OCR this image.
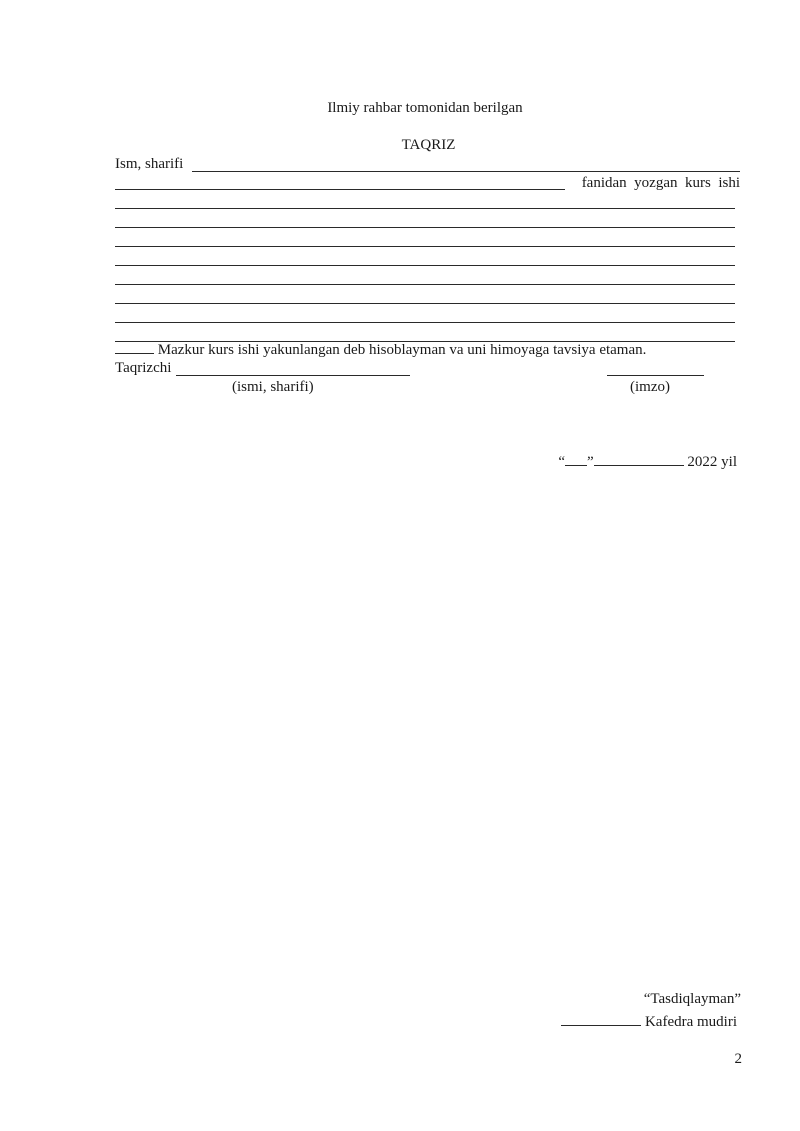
Ilmiy rahbar tomonidan berilgan
TAQRIZ
Ism, sharifi
fanidan  yozgan  kurs  ishi
Mazkur kurs ishi yakunlangan deb hisoblayman va uni himoyaga tavsiya etaman.
Taqrizchi
(ismi, sharifi)	(imzo)
“ ”	2022 yil
“Tasdiqlayman”
Kafedra mudiri
2
